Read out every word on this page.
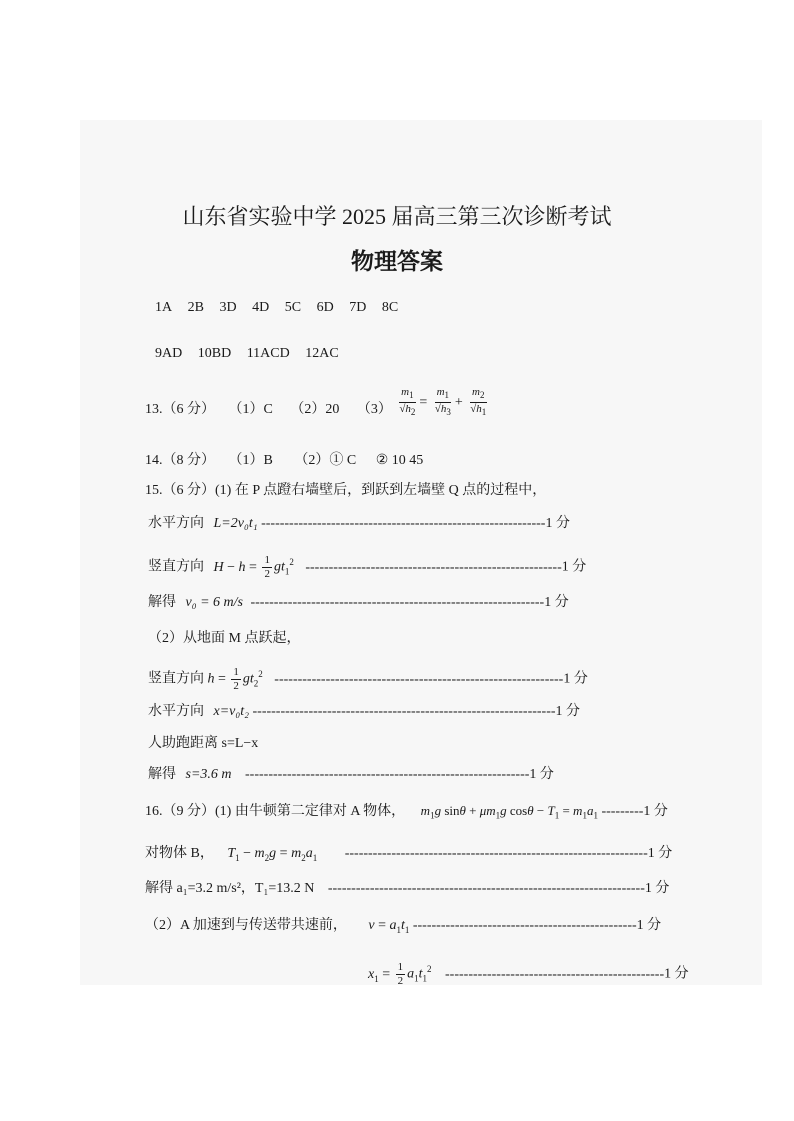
山东省实验中学 2025 届高三第三次诊断考试
物理答案
1A 2B 3D 4D 5C 6D 7D 8C
9AD 10BD 11ACD 12AC
13.（6 分） （1）C （2）20 $(3) \frac{m_1}{√h_2} = \frac{m_1}{√h_3} + \frac{m_2}{√h_1}$
14.（8 分） （1）B （2）① C ② 10 45
15.（6 分）(1) 在 P 点蹬右墙壁后，到跃到左墙壁 Q 点的过程中，
水平方向 L=2v₀t₁ -------------------------------------------------------------1 分
竖直方向 $H - h = \frac{1}{2} gt_1^2$ -------------------------------------------------------1 分
解得 v₀ = 6 m/s ---------------------------------------------------------------1 分
（2）从地面 M 点跃起，
竖直方向 $h = \frac{1}{2} gt_2^2$ --------------------------------------------------------------1 分
水平方向 x=v₀t₂ -----------------------------------------------------------------1 分
人助跑距离 s=L−x
解得 s=3.6 m -------------------------------------------------------------1 分
16.（9 分）(1) 由牛顿第二定律对 A 物体， $m_1g$ $\sin\theta + \mu m_1g$ $\cos\theta - T_1 = m_1a_1$ ---------1 分
对物体 B， $T_1 - m_2g = m_2a_1$ -----------------------------------------------------------------1 分
解得 a₁=3.2 m/s²，T₁=13.2 N --------------------------------------------------------------------1 分
（2）A 加速到与传送带共速前， $v = a_1t_1$ ------------------------------------------------1 分
$x_1 = \frac{1}{2} a_1t_1^2$ -----------------------------------------------1 分
